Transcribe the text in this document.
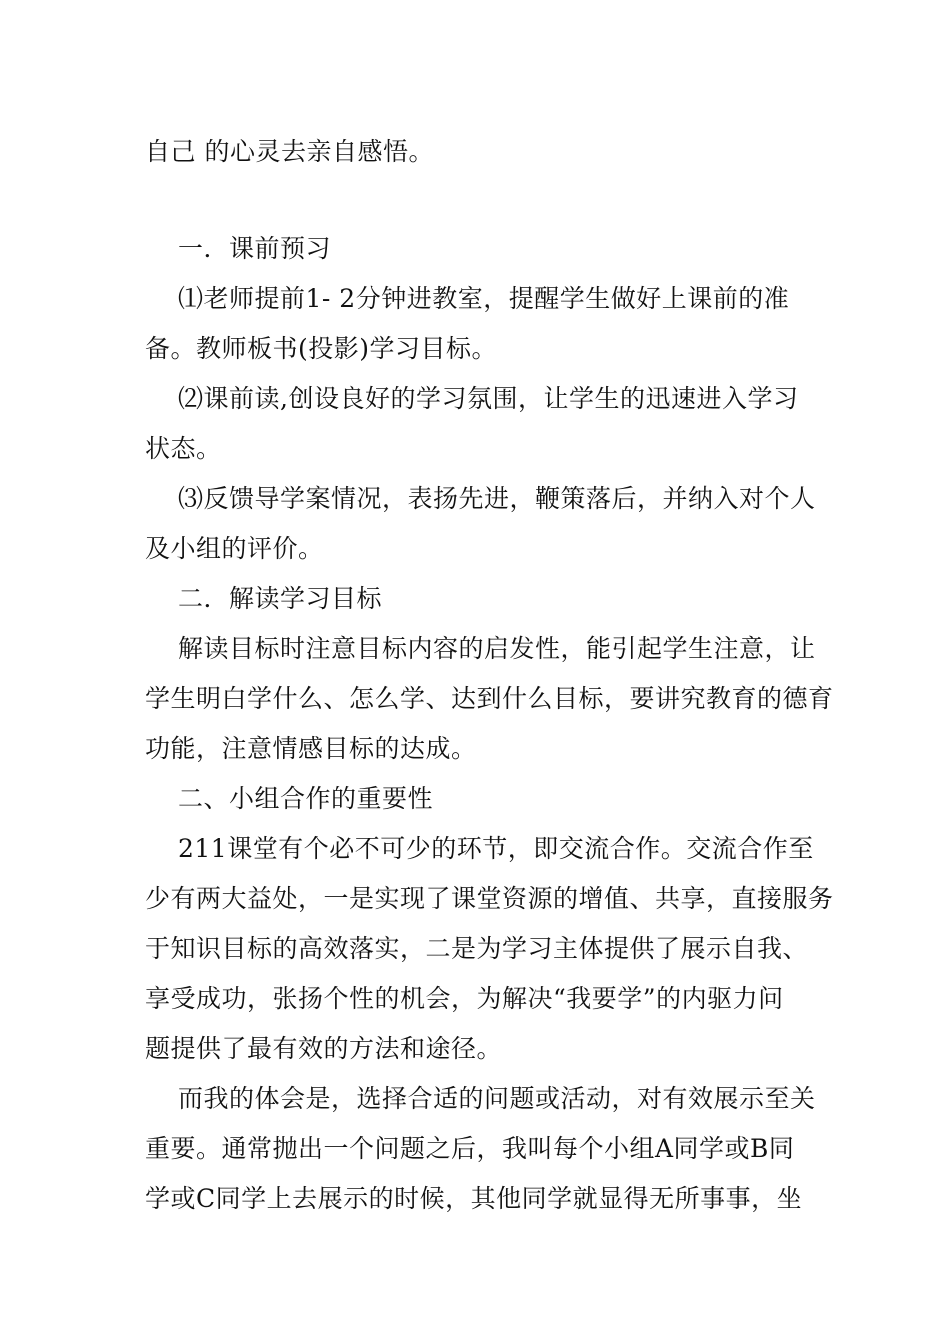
自己 的心灵去亲自感悟。
一．课前预习
⑴老师提前1- 2分钟进教室，提醒学生做好上课前的准
备。教师板书(投影)学习目标。
⑵课前读,创设良好的学习氛围，让学生的迅速进入学习
状态。
⑶反馈导学案情况，表扬先进，鞭策落后，并纳入对个人
及小组的评价。
二．解读学习目标
解读目标时注意目标内容的启发性，能引起学生注意，让
学生明白学什么、怎么学、达到什么目标，要讲究教育的德育
功能，注意情感目标的达成。
二、小组合作的重要性
211课堂有个必不可少的环节，即交流合作。交流合作至
少有两大益处，一是实现了课堂资源的增值、共享，直接服务
于知识目标的高效落实，二是为学习主体提供了展示自我、
享受成功，张扬个性的机会，为解决“我要学”的内驱力问
题提供了最有效的方法和途径。
而我的体会是，选择合适的问题或活动，对有效展示至关
重要。通常抛出一个问题之后，我叫每个小组A同学或B同
学或C同学上去展示的时候，其他同学就显得无所事事，坐
